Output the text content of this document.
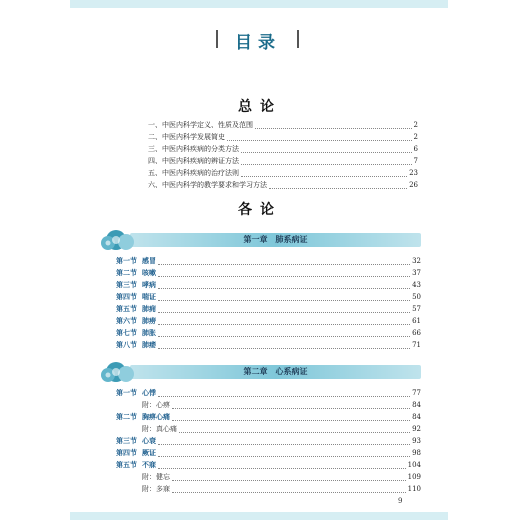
目录
总论
一、中医内科学定义、性质及范围	2
二、中医内科学发展简史	2
三、中医内科疾病的分类方法	6
四、中医内科疾病的辨证方法	7
五、中医内科疾病的治疗法则	23
六、中医内科学的教学要求和学习方法	26
各论
第一章　肺系病证
第一节 感冒	32
第二节 咳嗽	37
第三节 哮病	43
第四节 喘证	50
第五节 肺痈	57
第六节 肺痨	61
第七节 肺胀	66
第八节 肺痿	71
第二章　心系病证
第一节 心悸	77
附：心痹	84
第二节 胸痹心痛	84
附：真心痛	92
第三节 心衰	93
第四节 厥证	98
第五节 不寐	104
附：健忘	109
附：多寐	110
9
